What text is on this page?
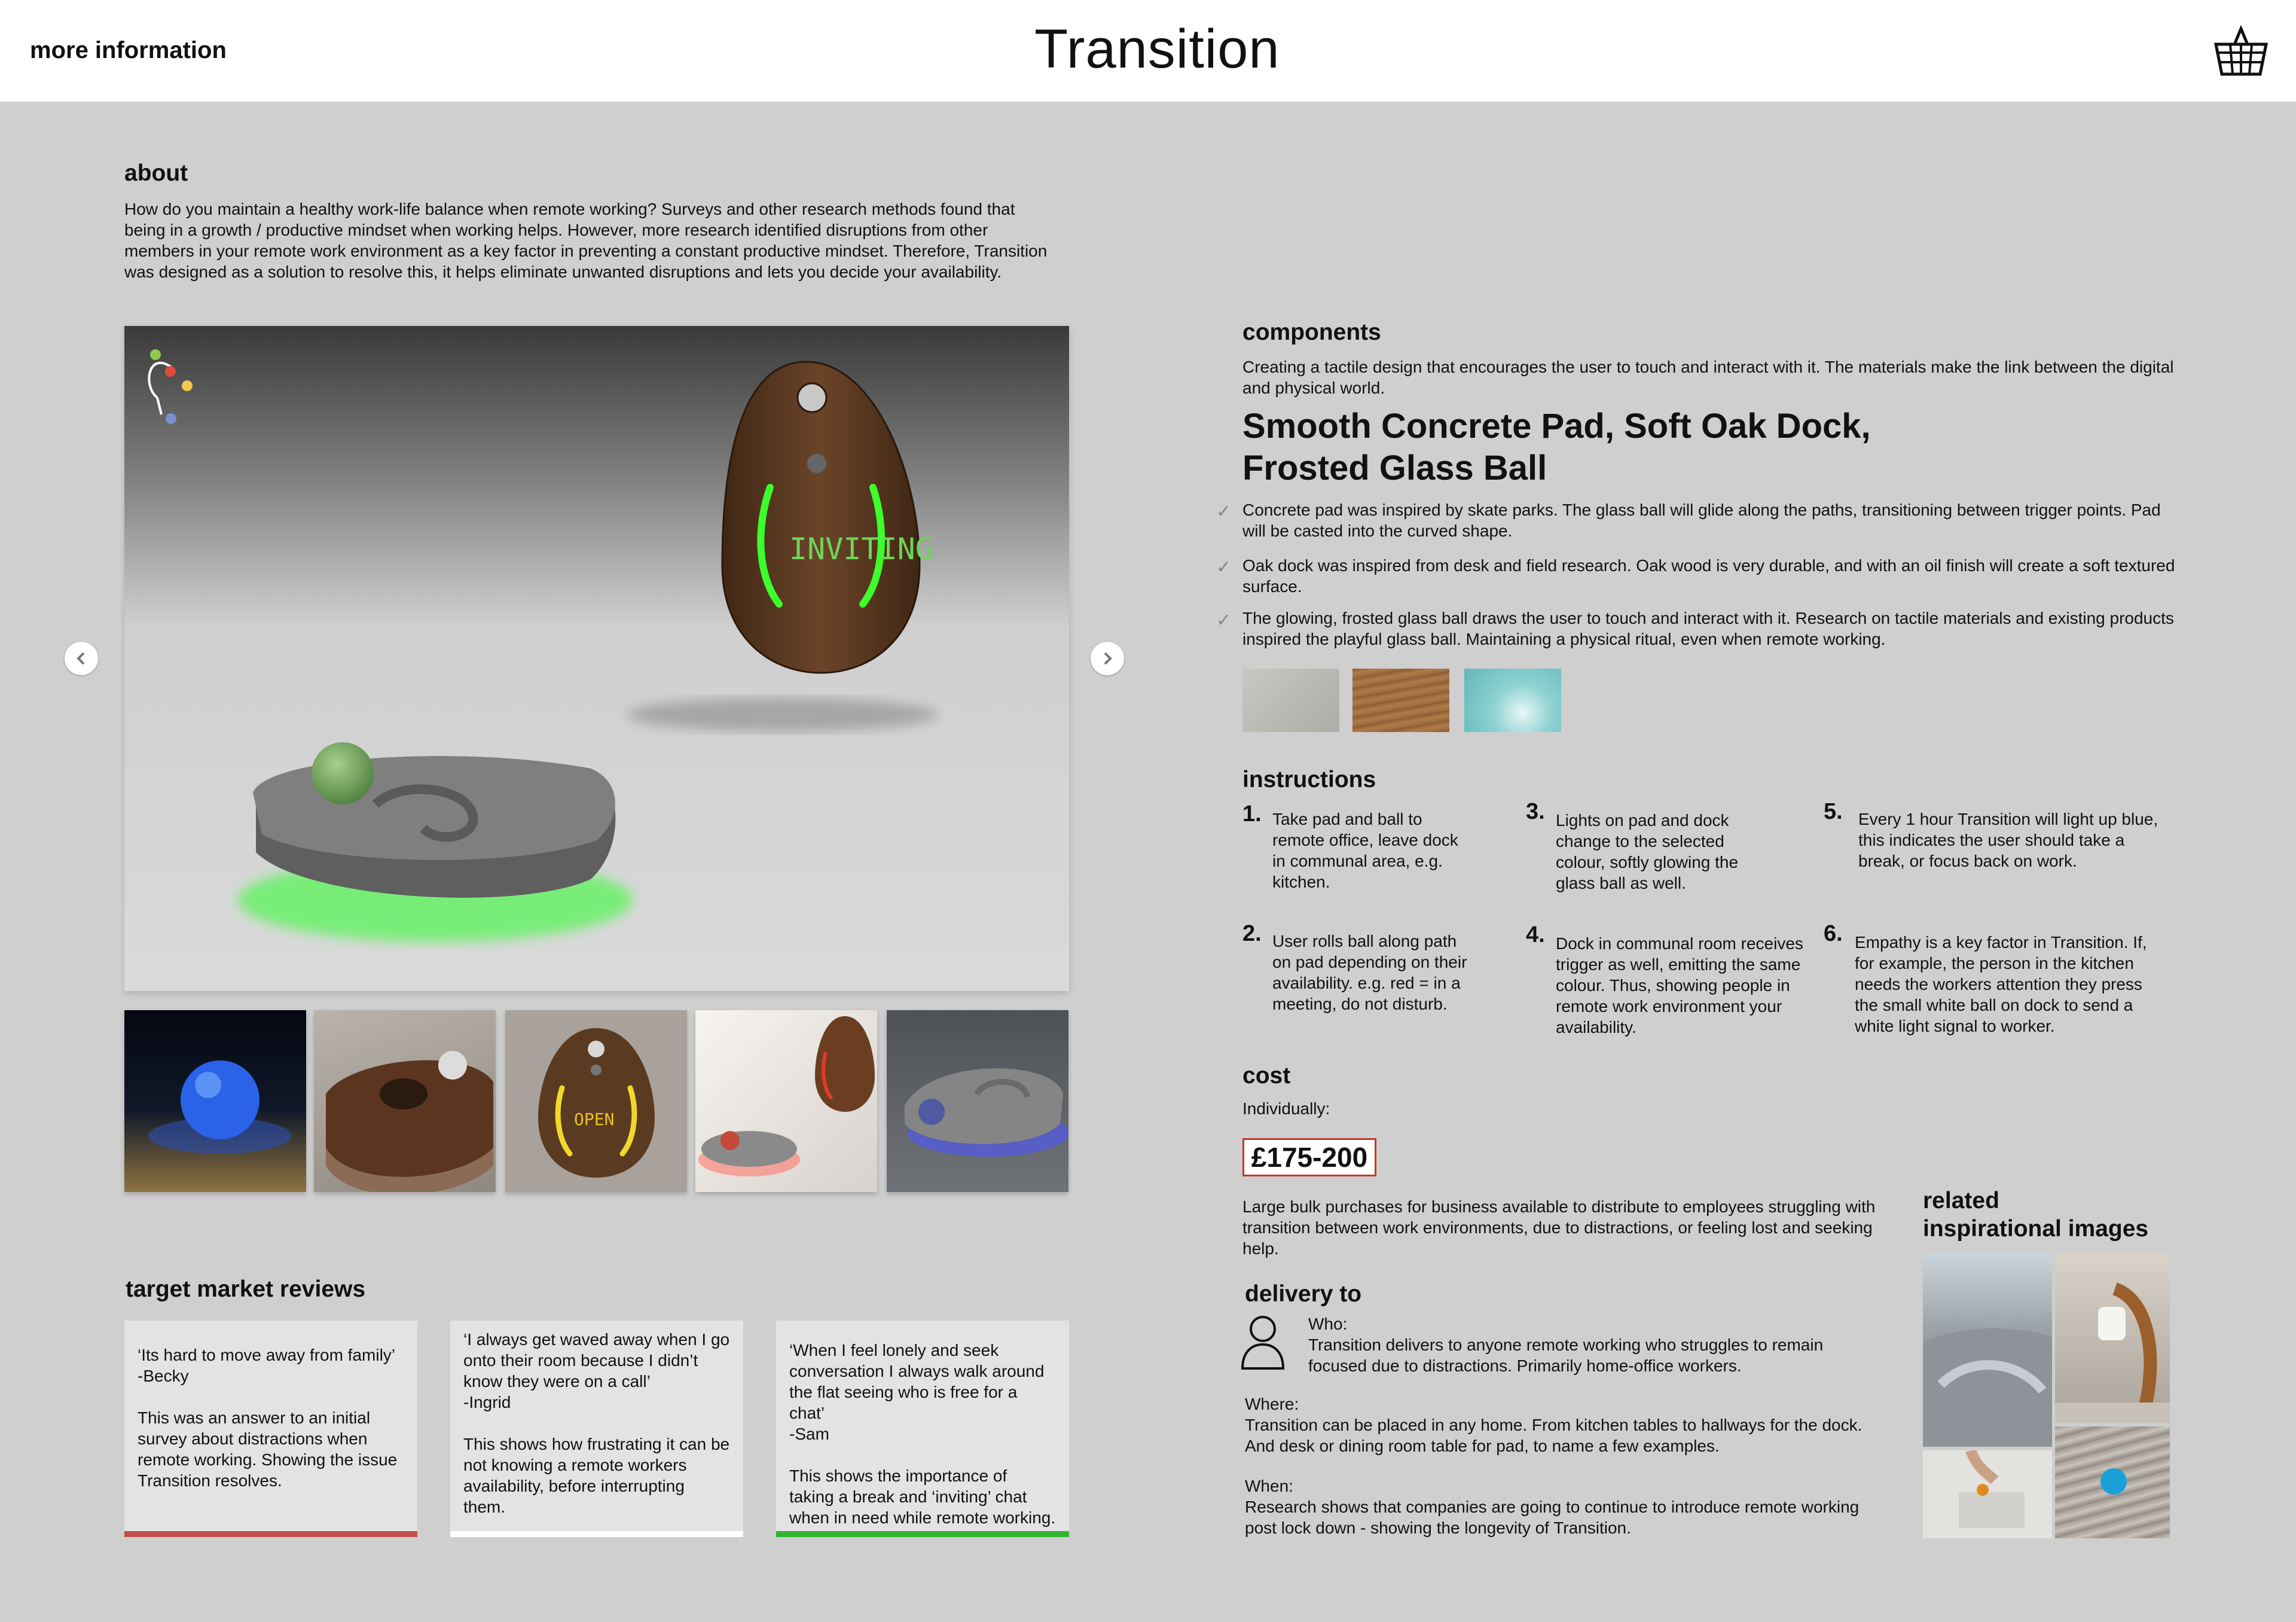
more information	Transition
about
How do you maintain a healthy work-life balance when remote working? Surveys and other research methods found that being in a growth / productive mindset when working helps. However, more research identified disruptions from other members in your remote work environment as a key factor in preventing a constant productive mindset. Therefore, Transition was designed as a solution to resolve this, it helps eliminate unwanted disruptions and lets you decide your availability.
INVITING
OPEN
target market reviews
‘Its hard to move away from family’
-Becky
This was an answer to an initial survey about distractions when remote working. Showing the issue Transition resolves.
‘I always get waved away when I go onto their room because I didn’t know they were on a call’
-Ingrid
This shows how frustrating it can be not knowing a remote workers availability, before interrupting them.
‘When I feel lonely and seek conversation I always walk around the flat seeing who is free for a chat’
-Sam
This shows the importance of taking a break and ‘inviting’ chat when in need while remote working.
components
Creating a tactile design that encourages the user to touch and interact with it. The materials make the link between the digital and physical world.
Smooth Concrete Pad, Soft Oak Dock,
Frosted Glass Ball
✓ Concrete pad was inspired by skate parks. The glass ball will glide along the paths, transitioning between trigger points. Pad will be casted into the curved shape.
✓ Oak dock was inspired from desk and field research. Oak wood is very durable, and with an oil finish will create a soft textured surface.
✓ The glowing, frosted glass ball draws the user to touch and interact with it. Research on tactile materials and existing products inspired the playful glass ball. Maintaining a physical ritual, even when remote working.
instructions
1. Take pad and ball to remote office, leave dock in communal area, e.g. kitchen.
2. User rolls ball along path on pad depending on their availability. e.g. red = in a meeting, do not disturb.
3. Lights on pad and dock change to the selected colour, softly glowing the glass ball as well.
4. Dock in communal room receives trigger as well, emitting the same colour. Thus, showing people in remote work environment your availability.
5. Every 1 hour Transition will light up blue, this indicates the user should take a break, or focus back on work.
6. Empathy is a key factor in Transition. If, for example, the person in the kitchen needs the workers attention they press the small white ball on dock to send a white light signal to worker.
cost
Individually:
£175-200
Large bulk purchases for business available to distribute to employees struggling with transition between work environments, due to distractions, or feeling lost and seeking help.
delivery to
Who:
Transition delivers to anyone remote working who struggles to remain focused due to distractions. Primarily home-office workers.
Where:
Transition can be placed in any home. From kitchen tables to hallways for the dock. And desk or dining room table for pad, to name a few examples.
When:
Research shows that companies are going to continue to introduce remote working post lock down - showing the longevity of Transition.
related
inspirational images
